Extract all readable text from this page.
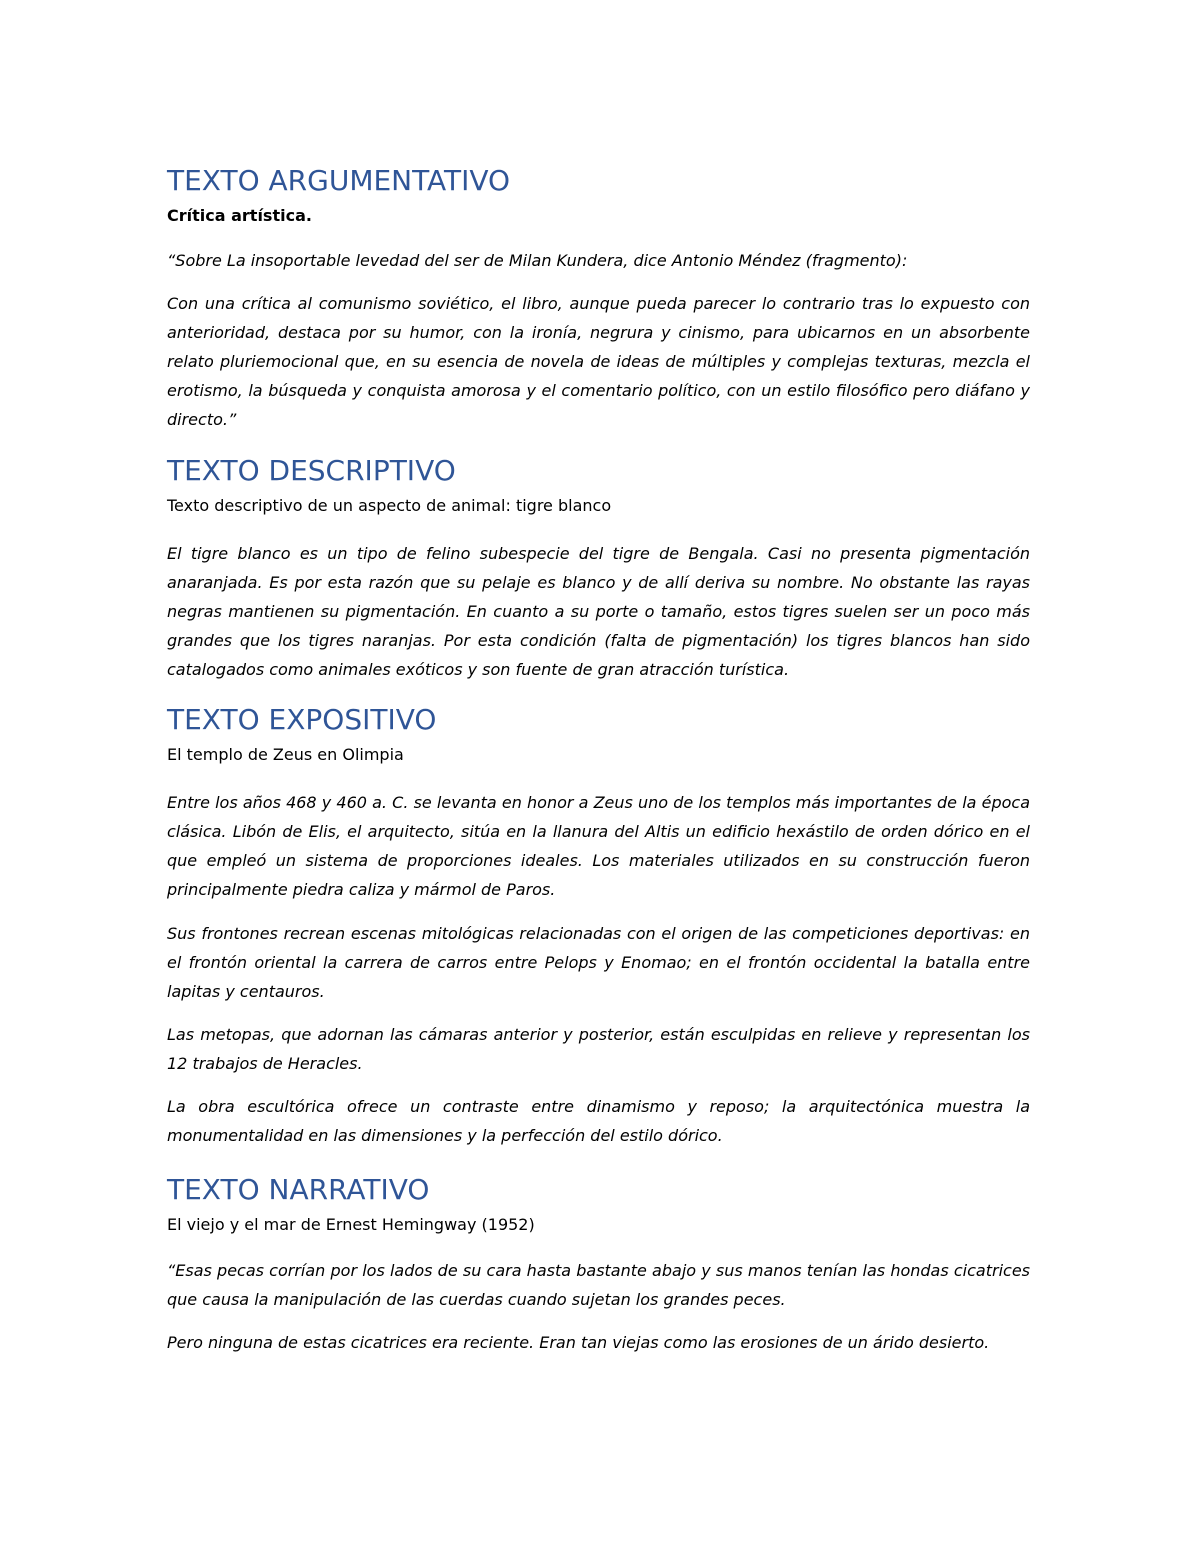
TEXTO ARGUMENTATIVO

Crítica artística.

“Sobre La insoportable levedad del ser de Milan Kundera, dice Antonio Méndez (fragmento):

Con una crítica al comunismo soviético, el libro, aunque pueda parecer lo contrario tras lo expuesto con anterioridad, destaca por su humor, con la ironía, negrura y cinismo, para ubicarnos en un absorbente relato pluriemocional que, en su esencia de novela de ideas de múltiples y complejas texturas, mezcla el erotismo, la búsqueda y conquista amorosa y el comentario político, con un estilo filosófico pero diáfano y directo.”

TEXTO DESCRIPTIVO

Texto descriptivo de un aspecto de animal: tigre blanco

El tigre blanco es un tipo de felino subespecie del tigre de Bengala. Casi no presenta pigmentación anaranjada. Es por esta razón que su pelaje es blanco y de allí deriva su nombre. No obstante las rayas negras mantienen su pigmentación. En cuanto a su porte o tamaño, estos tigres suelen ser un poco más grandes que los tigres naranjas. Por esta condición (falta de pigmentación) los tigres blancos han sido catalogados como animales exóticos y son fuente de gran atracción turística.

TEXTO EXPOSITIVO

El templo de Zeus en Olimpia

Entre los años 468 y 460 a. C. se levanta en honor a Zeus uno de los templos más importantes de la época clásica. Libón de Elis, el arquitecto, sitúa en la llanura del Altis un edificio hexástilo de orden dórico en el que empleó un sistema de proporciones ideales. Los materiales utilizados en su construcción fueron principalmente piedra caliza y mármol de Paros.

Sus frontones recrean escenas mitológicas relacionadas con el origen de las competiciones deportivas: en el frontón oriental la carrera de carros entre Pelops y Enomao; en el frontón occidental la batalla entre lapitas y centauros.

Las metopas, que adornan las cámaras anterior y posterior, están esculpidas en relieve y representan los 12 trabajos de Heracles.

La obra escultórica ofrece un contraste entre dinamismo y reposo; la arquitectónica muestra la monumentalidad en las dimensiones y la perfección del estilo dórico.

TEXTO NARRATIVO

El viejo y el mar de Ernest Hemingway (1952)

“Esas pecas corrían por los lados de su cara hasta bastante abajo y sus manos tenían las hondas cicatrices que causa la manipulación de las cuerdas cuando sujetan los grandes peces.

Pero ninguna de estas cicatrices era reciente. Eran tan viejas como las erosiones de un árido desierto.
